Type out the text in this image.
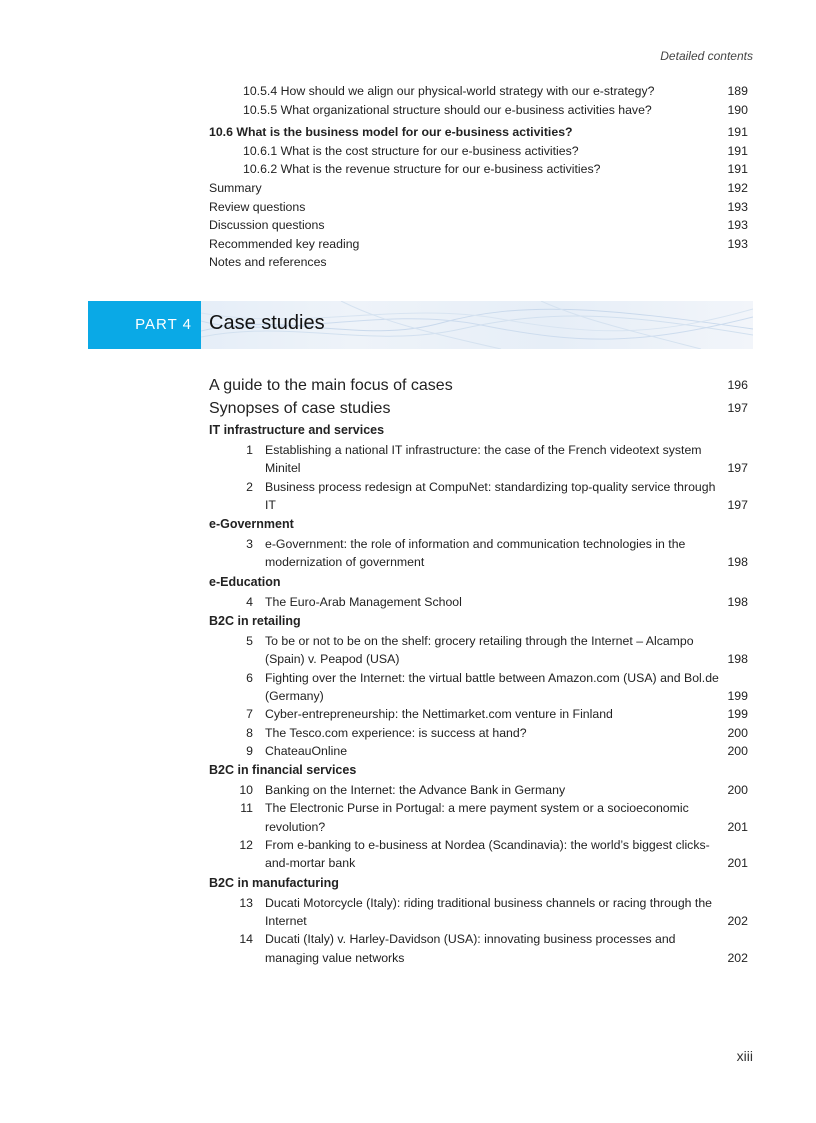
Detailed contents
10.5.4 How should we align our physical-world strategy with our e-strategy?	189
10.5.5 What organizational structure should our e-business activities have?	190
10.6 What is the business model for our e-business activities?	191
10.6.1 What is the cost structure for our e-business activities?	191
10.6.2 What is the revenue structure for our e-business activities?	191
Summary	192
Review questions	193
Discussion questions	193
Recommended key reading	193
Notes and references
PART 4 Case studies
A guide to the main focus of cases	196
Synopses of case studies	197
IT infrastructure and services
1 Establishing a national IT infrastructure: the case of the French videotext system Minitel	197
2 Business process redesign at CompuNet: standardizing top-quality service through IT	197
e-Government
3 e-Government: the role of information and communication technologies in the modernization of government	198
e-Education
4 The Euro-Arab Management School	198
B2C in retailing
5 To be or not to be on the shelf: grocery retailing through the Internet – Alcampo (Spain) v. Peapod (USA)	198
6 Fighting over the Internet: the virtual battle between Amazon.com (USA) and Bol.de (Germany)	199
7 Cyber-entrepreneurship: the Nettimarket.com venture in Finland	199
8 The Tesco.com experience: is success at hand?	200
9 ChateauOnline	200
B2C in financial services
10 Banking on the Internet: the Advance Bank in Germany	200
11 The Electronic Purse in Portugal: a mere payment system or a socioeconomic revolution?	201
12 From e-banking to e-business at Nordea (Scandinavia): the world’s biggest clicks-and-mortar bank	201
B2C in manufacturing
13 Ducati Motorcycle (Italy): riding traditional business channels or racing through the Internet	202
14 Ducati (Italy) v. Harley-Davidson (USA): innovating business processes and managing value networks	202
xiii
